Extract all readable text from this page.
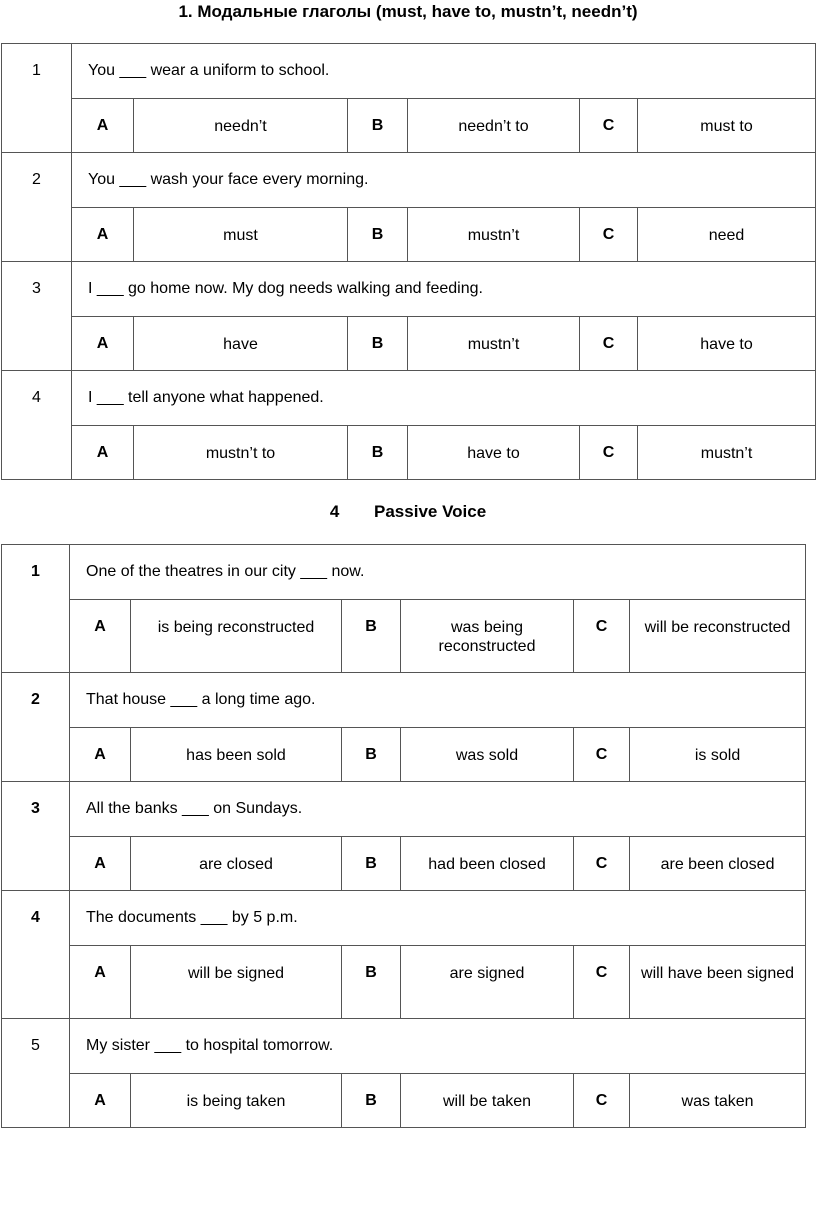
1. Модальные глаголы (must, have to, mustn’t, needn’t)
1	You ___ wear a uniform to school.					
	A	needn’t	B	needn’t to	C	must to
2	You ___ wash your face every morning.					
	A	must	B	mustn’t	C	need
3	I ___ go home now. My dog needs walking and feeding.					
	A	have	B	mustn’t	C	have to
4	I ___ tell anyone what happened.					
	A	mustn’t to	B	have to	C	mustn’t
4 Passive Voice
1	One of the theatres in our city ___ now.					
	A	is being reconstructed	B	was being reconstructed	C	will be reconstructed
2	That house ___ a long time ago.					
	A	has been sold	B	was sold	C	is sold
3	All the banks ___ on Sundays.					
	A	are closed	B	had been closed	C	are been closed
4	The documents ___ by 5 p.m.					
	A	will be signed	B	are signed	C	will have been signed
5	My sister ___ to hospital tomorrow.					
	A	is being taken	B	will be taken	C	was taken
